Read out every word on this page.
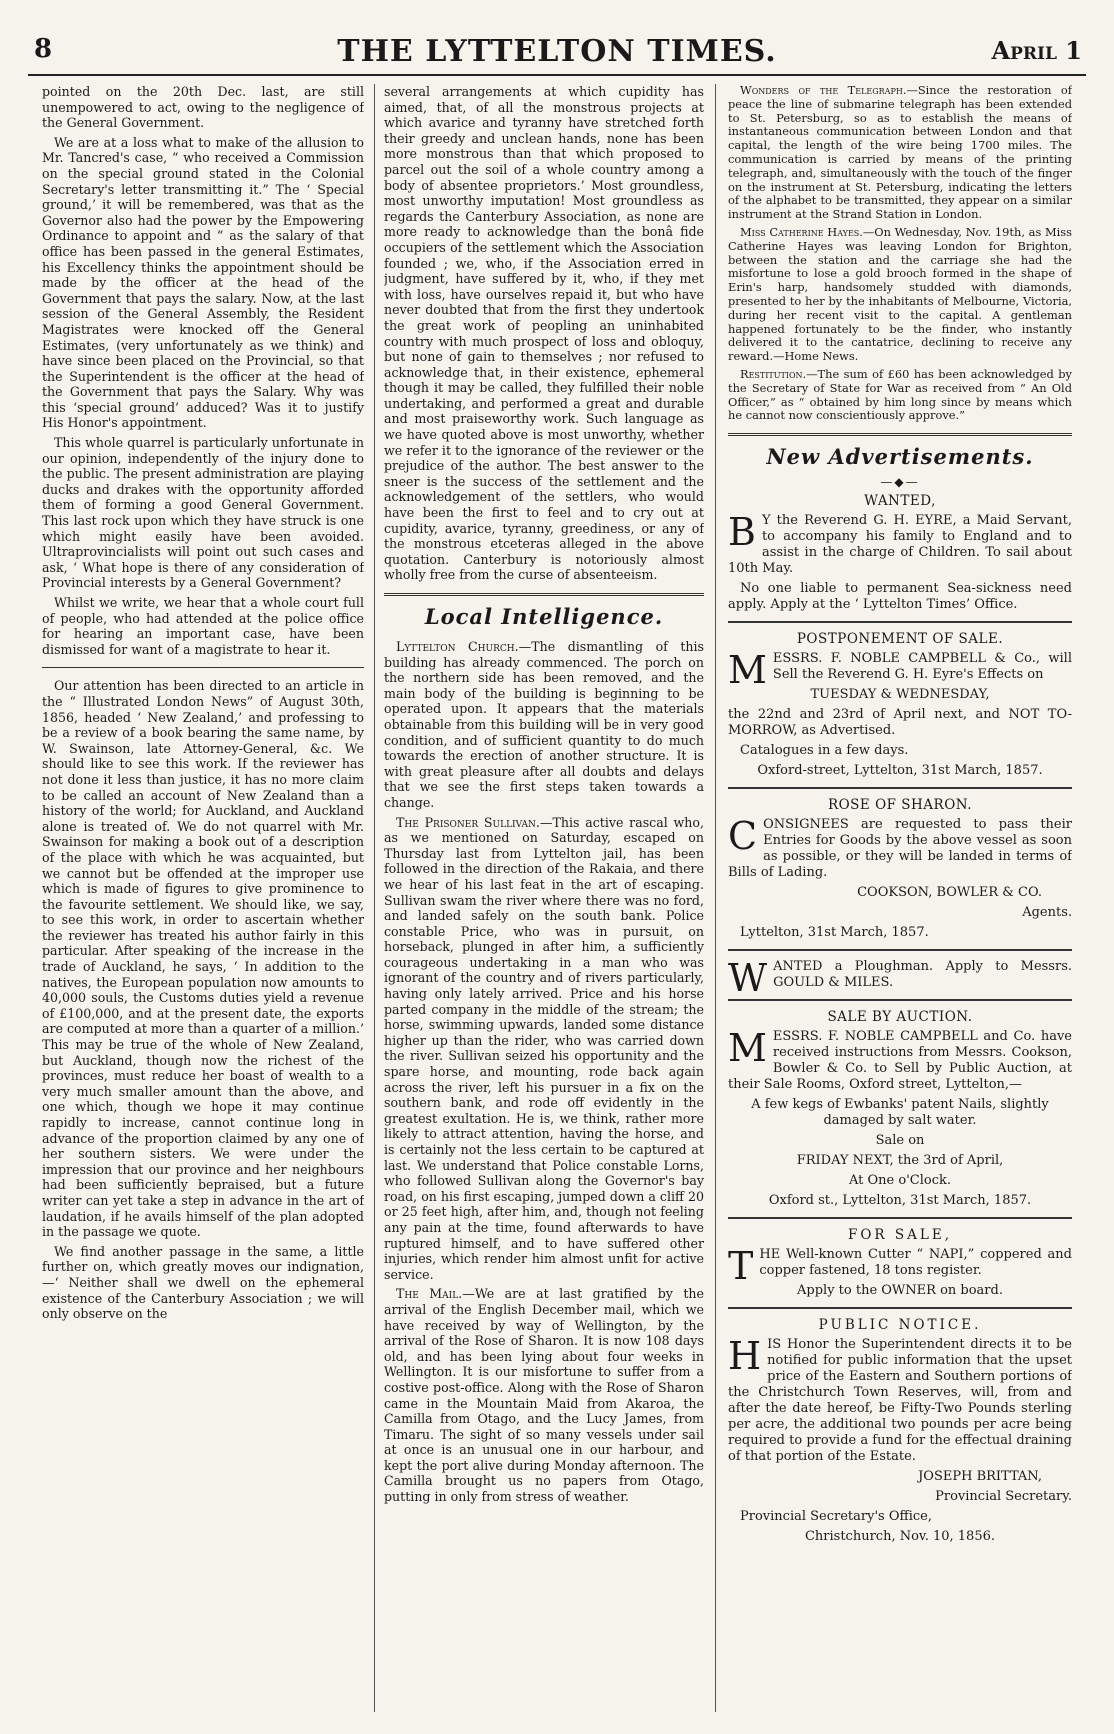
8	THE LYTTELTON TIMES.	April 1

pointed on the 20th Dec. last, are still unempowered to act, owing to the negligence of the General Government.

We are at a loss what to make of the allusion to Mr. Tancred's case, “ who received a Commission on the special ground stated in the Colonial Secretary's letter transmitting it.” The ‘ Special ground,’ it will be remembered, was that as the Governor also had the power by the Empowering Ordinance to appoint and “ as the salary of that office has been passed in the general Estimates, his Excellency thinks the appointment should be made by the officer at the head of the Government that pays the salary. Now, at the last session of the General Assembly, the Resident Magistrates were knocked off the General Estimates, (very unfortunately as we think) and have since been placed on the Provincial, so that the Superintendent is the officer at the head of the Government that pays the Salary. Why was this ‘special ground’ adduced? Was it to justify His Honor's appointment.

This whole quarrel is particularly unfortunate in our opinion, independently of the injury done to the public. The present administration are playing ducks and drakes with the opportunity afforded them of forming a good General Government. This last rock upon which they have struck is one which might easily have been avoided. Ultraprovincialists will point out such cases and ask, ‘ What hope is there of any consideration of Provincial interests by a General Government?

Whilst we write, we hear that a whole court full of people, who had attended at the police office for hearing an important case, have been dismissed for want of a magistrate to hear it.

Our attention has been directed to an article in the “ Illustrated London News” of August 30th, 1856, headed ‘ New Zealand,’ and professing to be a review of a book bearing the same name, by W. Swainson, late Attorney-General, &c. We should like to see this work. If the reviewer has not done it less than justice, it has no more claim to be called an account of New Zealand than a history of the world; for Auckland, and Auckland alone is treated of. We do not quarrel with Mr. Swainson for making a book out of a description of the place with which he was acquainted, but we cannot but be offended at the improper use which is made of figures to give prominence to the favourite settlement. We should like, we say, to see this work, in order to ascertain whether the reviewer has treated his author fairly in this particular. After speaking of the increase in the trade of Auckland, he says, ‘ In addition to the natives, the European population now amounts to 40,000 souls, the Customs duties yield a revenue of £100,000, and at the present date, the exports are computed at more than a quarter of a million.’ This may be true of the whole of New Zealand, but Auckland, though now the richest of the provinces, must reduce her boast of wealth to a very much smaller amount than the above, and one which, though we hope it may continue rapidly to increase, cannot continue long in advance of the proportion claimed by any one of her southern sisters. We were under the impression that our province and her neighbours had been sufficiently bepraised, but a future writer can yet take a step in advance in the art of laudation, if he avails himself of the plan adopted in the passage we quote.

We find another passage in the same, a little further on, which greatly moves our indignation,—‘ Neither shall we dwell on the ephemeral existence of the Canterbury Association ; we will only observe on the

several arrangements at which cupidity has aimed, that, of all the monstrous projects at which avarice and tyranny have stretched forth their greedy and unclean hands, none has been more monstrous than that which proposed to parcel out the soil of a whole country among a body of absentee proprietors.’ Most groundless, most unworthy imputation! Most groundless as regards the Canterbury Association, as none are more ready to acknowledge than the bonâ fide occupiers of the settlement which the Association founded ; we, who, if the Association erred in judgment, have suffered by it, who, if they met with loss, have ourselves repaid it, but who have never doubted that from the first they undertook the great work of peopling an uninhabited country with much prospect of loss and obloquy, but none of gain to themselves ; nor refused to acknowledge that, in their existence, ephemeral though it may be called, they fulfilled their noble undertaking, and performed a great and durable and most praiseworthy work. Such language as we have quoted above is most unworthy, whether we refer it to the ignorance of the reviewer or the prejudice of the author. The best answer to the sneer is the success of the settlement and the acknowledgement of the settlers, who would have been the first to feel and to cry out at cupidity, avarice, tyranny, greediness, or any of the monstrous etceteras alleged in the above quotation. Canterbury is notoriously almost wholly free from the curse of absenteeism.

Local Intelligence.

Lyttelton Church.—The dismantling of this building has already commenced. The porch on the northern side has been removed, and the main body of the building is beginning to be operated upon. It appears that the materials obtainable from this building will be in very good condition, and of sufficient quantity to do much towards the erection of another structure. It is with great pleasure after all doubts and delays that we see the first steps taken towards a change.

The Prisoner Sullivan.—This active rascal who, as we mentioned on Saturday, escaped on Thursday last from Lyttelton jail, has been followed in the direction of the Rakaia, and there we hear of his last feat in the art of escaping. Sullivan swam the river where there was no ford, and landed safely on the south bank. Police constable Price, who was in pursuit, on horseback, plunged in after him, a sufficiently courageous undertaking in a man who was ignorant of the country and of rivers particularly, having only lately arrived. Price and his horse parted company in the middle of the stream; the horse, swimming upwards, landed some distance higher up than the rider, who was carried down the river. Sullivan seized his opportunity and the spare horse, and mounting, rode back again across the river, left his pursuer in a fix on the southern bank, and rode off evidently in the greatest exultation. He is, we think, rather more likely to attract attention, having the horse, and is certainly not the less certain to be captured at last. We understand that Police constable Lorns, who followed Sullivan along the Governor's bay road, on his first escaping, jumped down a cliff 20 or 25 feet high, after him, and, though not feeling any pain at the time, found afterwards to have ruptured himself, and to have suffered other injuries, which render him almost unfit for active service.

The Mail.—We are at last gratified by the arrival of the English December mail, which we have received by way of Wellington, by the arrival of the Rose of Sharon. It is now 108 days old, and has been lying about four weeks in Wellington. It is our misfortune to suffer from a costive post-office. Along with the Rose of Sharon came in the Mountain Maid from Akaroa, the Camilla from Otago, and the Lucy James, from Timaru. The sight of so many vessels under sail at once is an unusual one in our harbour, and kept the port alive during Monday afternoon. The Camilla brought us no papers from Otago, putting in only from stress of weather.

Wonders of the Telegraph.—Since the restoration of peace the line of submarine telegraph has been extended to St. Petersburg, so as to establish the means of instantaneous communication between London and that capital, the length of the wire being 1700 miles. The communication is carried by means of the printing telegraph, and, simultaneously with the touch of the finger on the instrument at St. Petersburg, indicating the letters of the alphabet to be transmitted, they appear on a similar instrument at the Strand Station in London.

Miss Catherine Hayes.—On Wednesday, Nov. 19th, as Miss Catherine Hayes was leaving London for Brighton, between the station and the carriage she had the misfortune to lose a gold brooch formed in the shape of Erin's harp, handsomely studded with diamonds, presented to her by the inhabitants of Melbourne, Victoria, during her recent visit to the capital. A gentleman happened fortunately to be the finder, who instantly delivered it to the cantatrice, declining to receive any reward.—Home News.

Restitution.—The sum of £60 has been acknowledged by the Secretary of State for War as received from “ An Old Officer,” as “ obtained by him long since by means which he cannot now conscientiously approve.”

New Advertisements.
—◆—
WANTED,

B Y the Reverend G. H. EYRE, a Maid Servant, to accompany his family to England and to assist in the charge of Children. To sail about 10th May.

No one liable to permanent Sea-sickness need apply. Apply at the ‘ Lyttelton Times’ Office.

POSTPONEMENT OF SALE.

MESSRS. F. NOBLE CAMPBELL & Co., will Sell the Reverend G. H. Eyre's Effects on

TUESDAY & WEDNESDAY,

the 22nd and 23rd of April next, and NOT TO-MORROW, as Advertised.

Catalogues in a few days.

Oxford-street, Lyttelton, 31st March, 1857.

ROSE OF SHARON.

CONSIGNEES are requested to pass their Entries for Goods by the above vessel as soon as possible, or they will be landed in terms of Bills of Lading.

COOKSON, BOWLER & CO.

Agents.

Lyttelton, 31st March, 1857.

WANTED a Ploughman. Apply to Messrs. GOULD & MILES.

SALE BY AUCTION.

MESSRS. F. NOBLE CAMPBELL and Co. have received instructions from Messrs. Cookson, Bowler & Co. to Sell by Public Auction, at their Sale Rooms, Oxford street, Lyttelton,—

A few kegs of Ewbanks' patent Nails, slightly damaged by salt water.

Sale on

FRIDAY NEXT, the 3rd of April,

At One o'Clock.

Oxford st., Lyttelton, 31st March, 1857.

FOR SALE,

THE Well-known Cutter “ NAPI,” coppered and copper fastened, 18 tons register.

Apply to the OWNER on board.

PUBLIC NOTICE.

HIS Honor the Superintendent directs it to be notified for public information that the upset price of the Eastern and Southern portions of the Christchurch Town Reserves, will, from and after the date hereof, be Fifty-Two Pounds sterling per acre, the additional two pounds per acre being required to provide a fund for the effectual draining of that portion of the Estate.

JOSEPH BRITTAN,

Provincial Secretary.

Provincial Secretary's Office,

Christchurch, Nov. 10, 1856.
